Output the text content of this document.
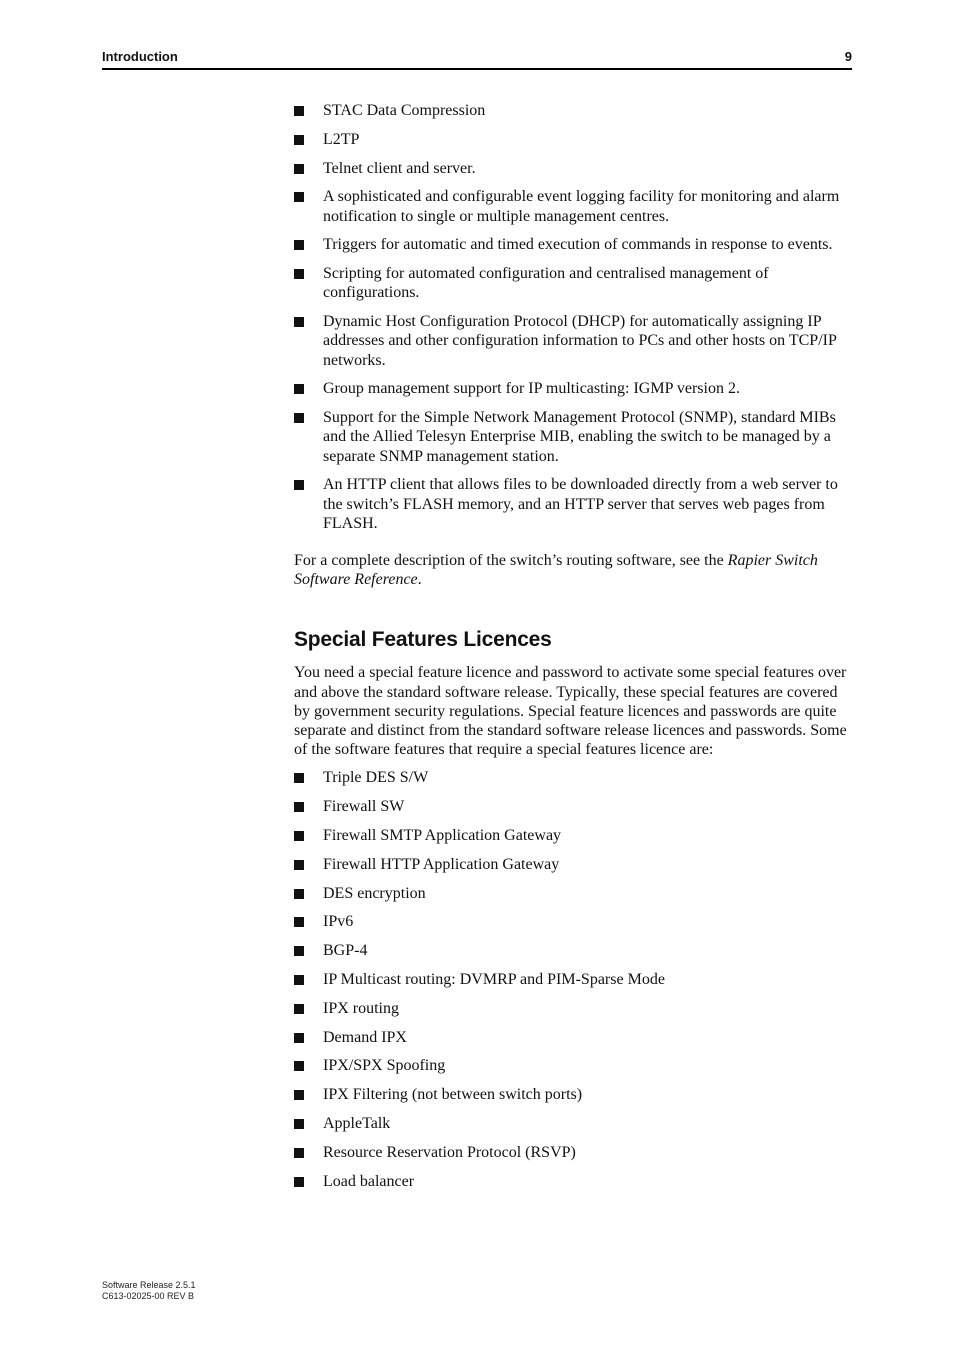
Introduction	9
STAC Data Compression
L2TP
Telnet client and server.
A sophisticated and configurable event logging facility for monitoring and alarm notification to single or multiple management centres.
Triggers for automatic and timed execution of commands in response to events.
Scripting for automated configuration and centralised management of configurations.
Dynamic Host Configuration Protocol (DHCP) for automatically assigning IP addresses and other configuration information to PCs and other hosts on TCP/IP networks.
Group management support for IP multicasting: IGMP version 2.
Support for the Simple Network Management Protocol (SNMP), standard MIBs and the Allied Telesyn Enterprise MIB, enabling the switch to be managed by a separate SNMP management station.
An HTTP client that allows files to be downloaded directly from a web server to the switch’s FLASH memory, and an HTTP server that serves web pages from FLASH.

For a complete description of the switch’s routing software, see the Rapier Switch Software Reference.

Special Features Licences

You need a special feature licence and password to activate some special features over and above the standard software release. Typically, these special features are covered by government security regulations. Special feature licences and passwords are quite separate and distinct from the standard software release licences and passwords. Some of the software features that require a special features licence are:

Triple DES S/W
Firewall SW
Firewall SMTP Application Gateway
Firewall HTTP Application Gateway
DES encryption
IPv6
BGP-4
IP Multicast routing: DVMRP and PIM-Sparse Mode
IPX routing
Demand IPX
IPX/SPX Spoofing
IPX Filtering (not between switch ports)
AppleTalk
Resource Reservation Protocol (RSVP)
Load balancer
Software Release 2.5.1
C613-02025-00 REV B
